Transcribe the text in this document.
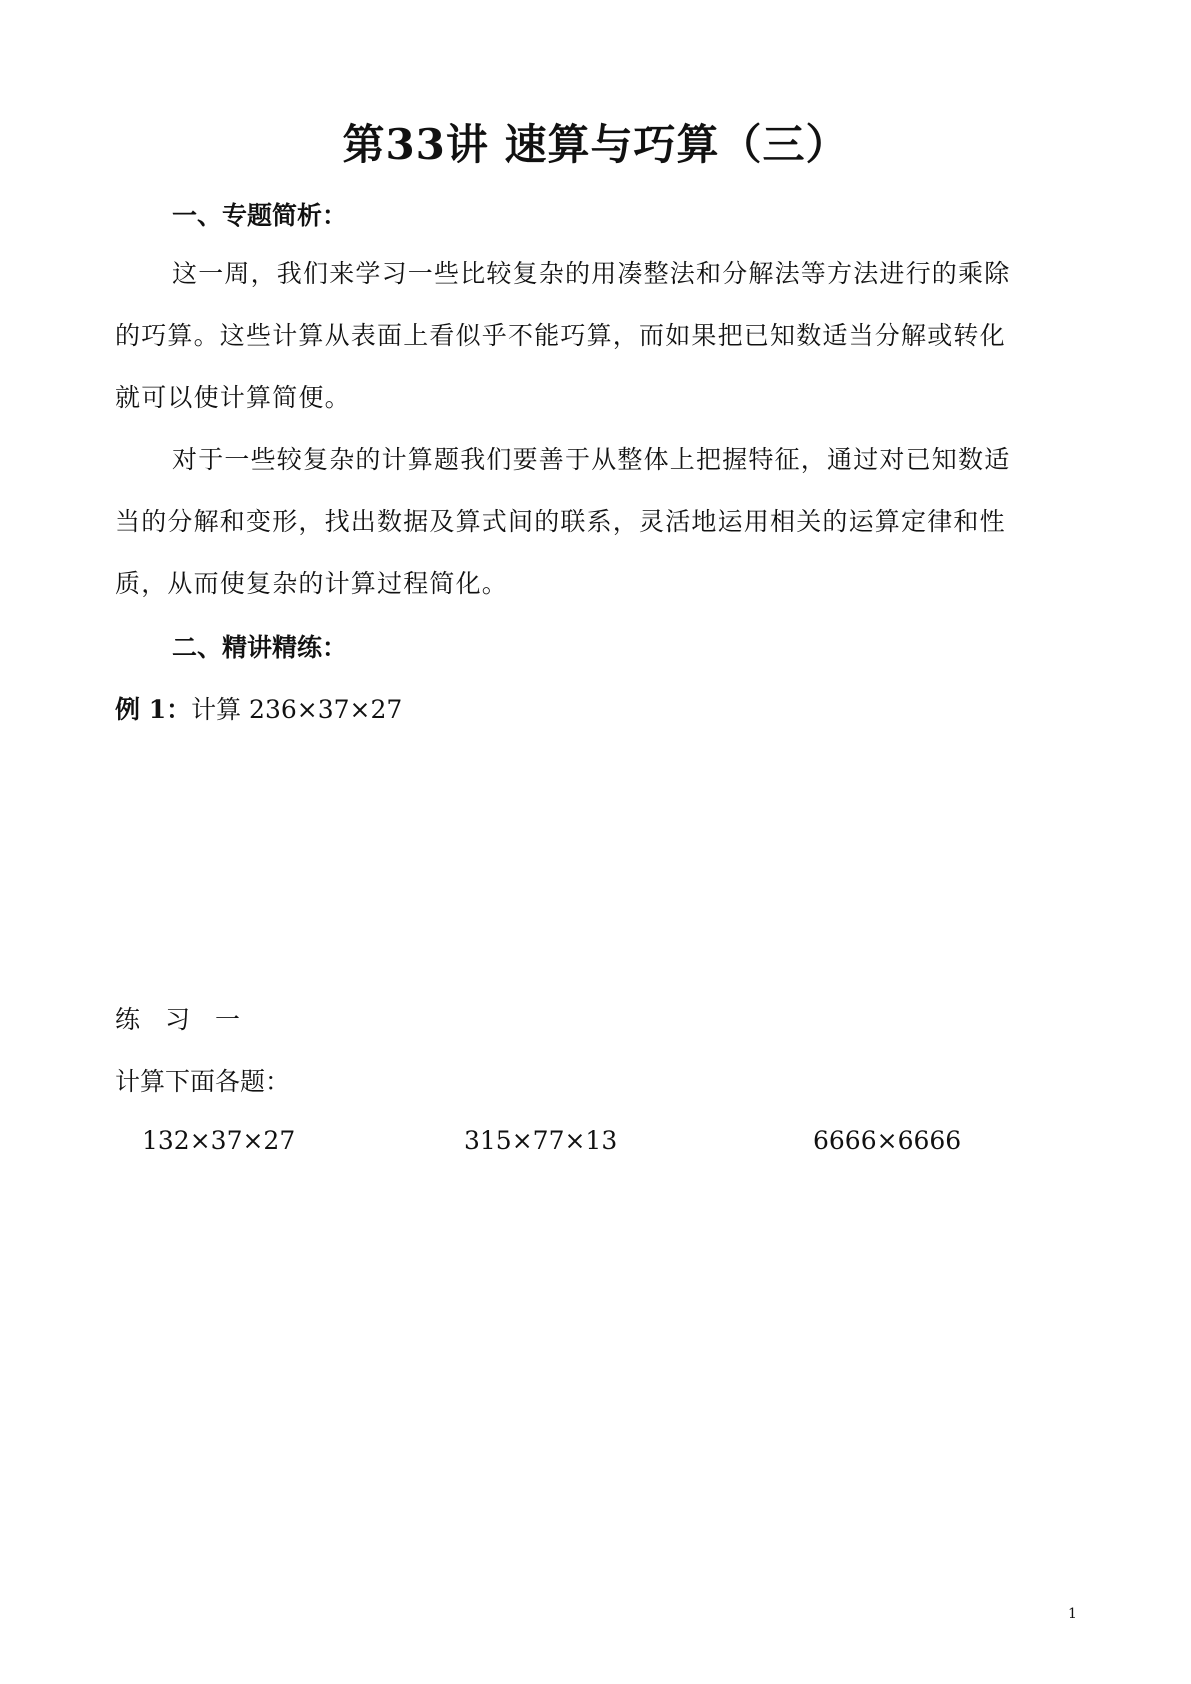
第33讲 速算与巧算（三）
一、专题简析：
这一周，我们来学习一些比较复杂的用凑整法和分解法等方法进行的乘除
的巧算。这些计算从表面上看似乎不能巧算，而如果把已知数适当分解或转化
就可以使计算简便。
对于一些较复杂的计算题我们要善于从整体上把握特征，通过对已知数适
当的分解和变形，找出数据及算式间的联系，灵活地运用相关的运算定律和性
质，从而使复杂的计算过程简化。
二、精讲精练：
例 1：计算 236×37×27
练　习　一
计算下面各题：
132×37×27	315×77×13	6666×6666
1
